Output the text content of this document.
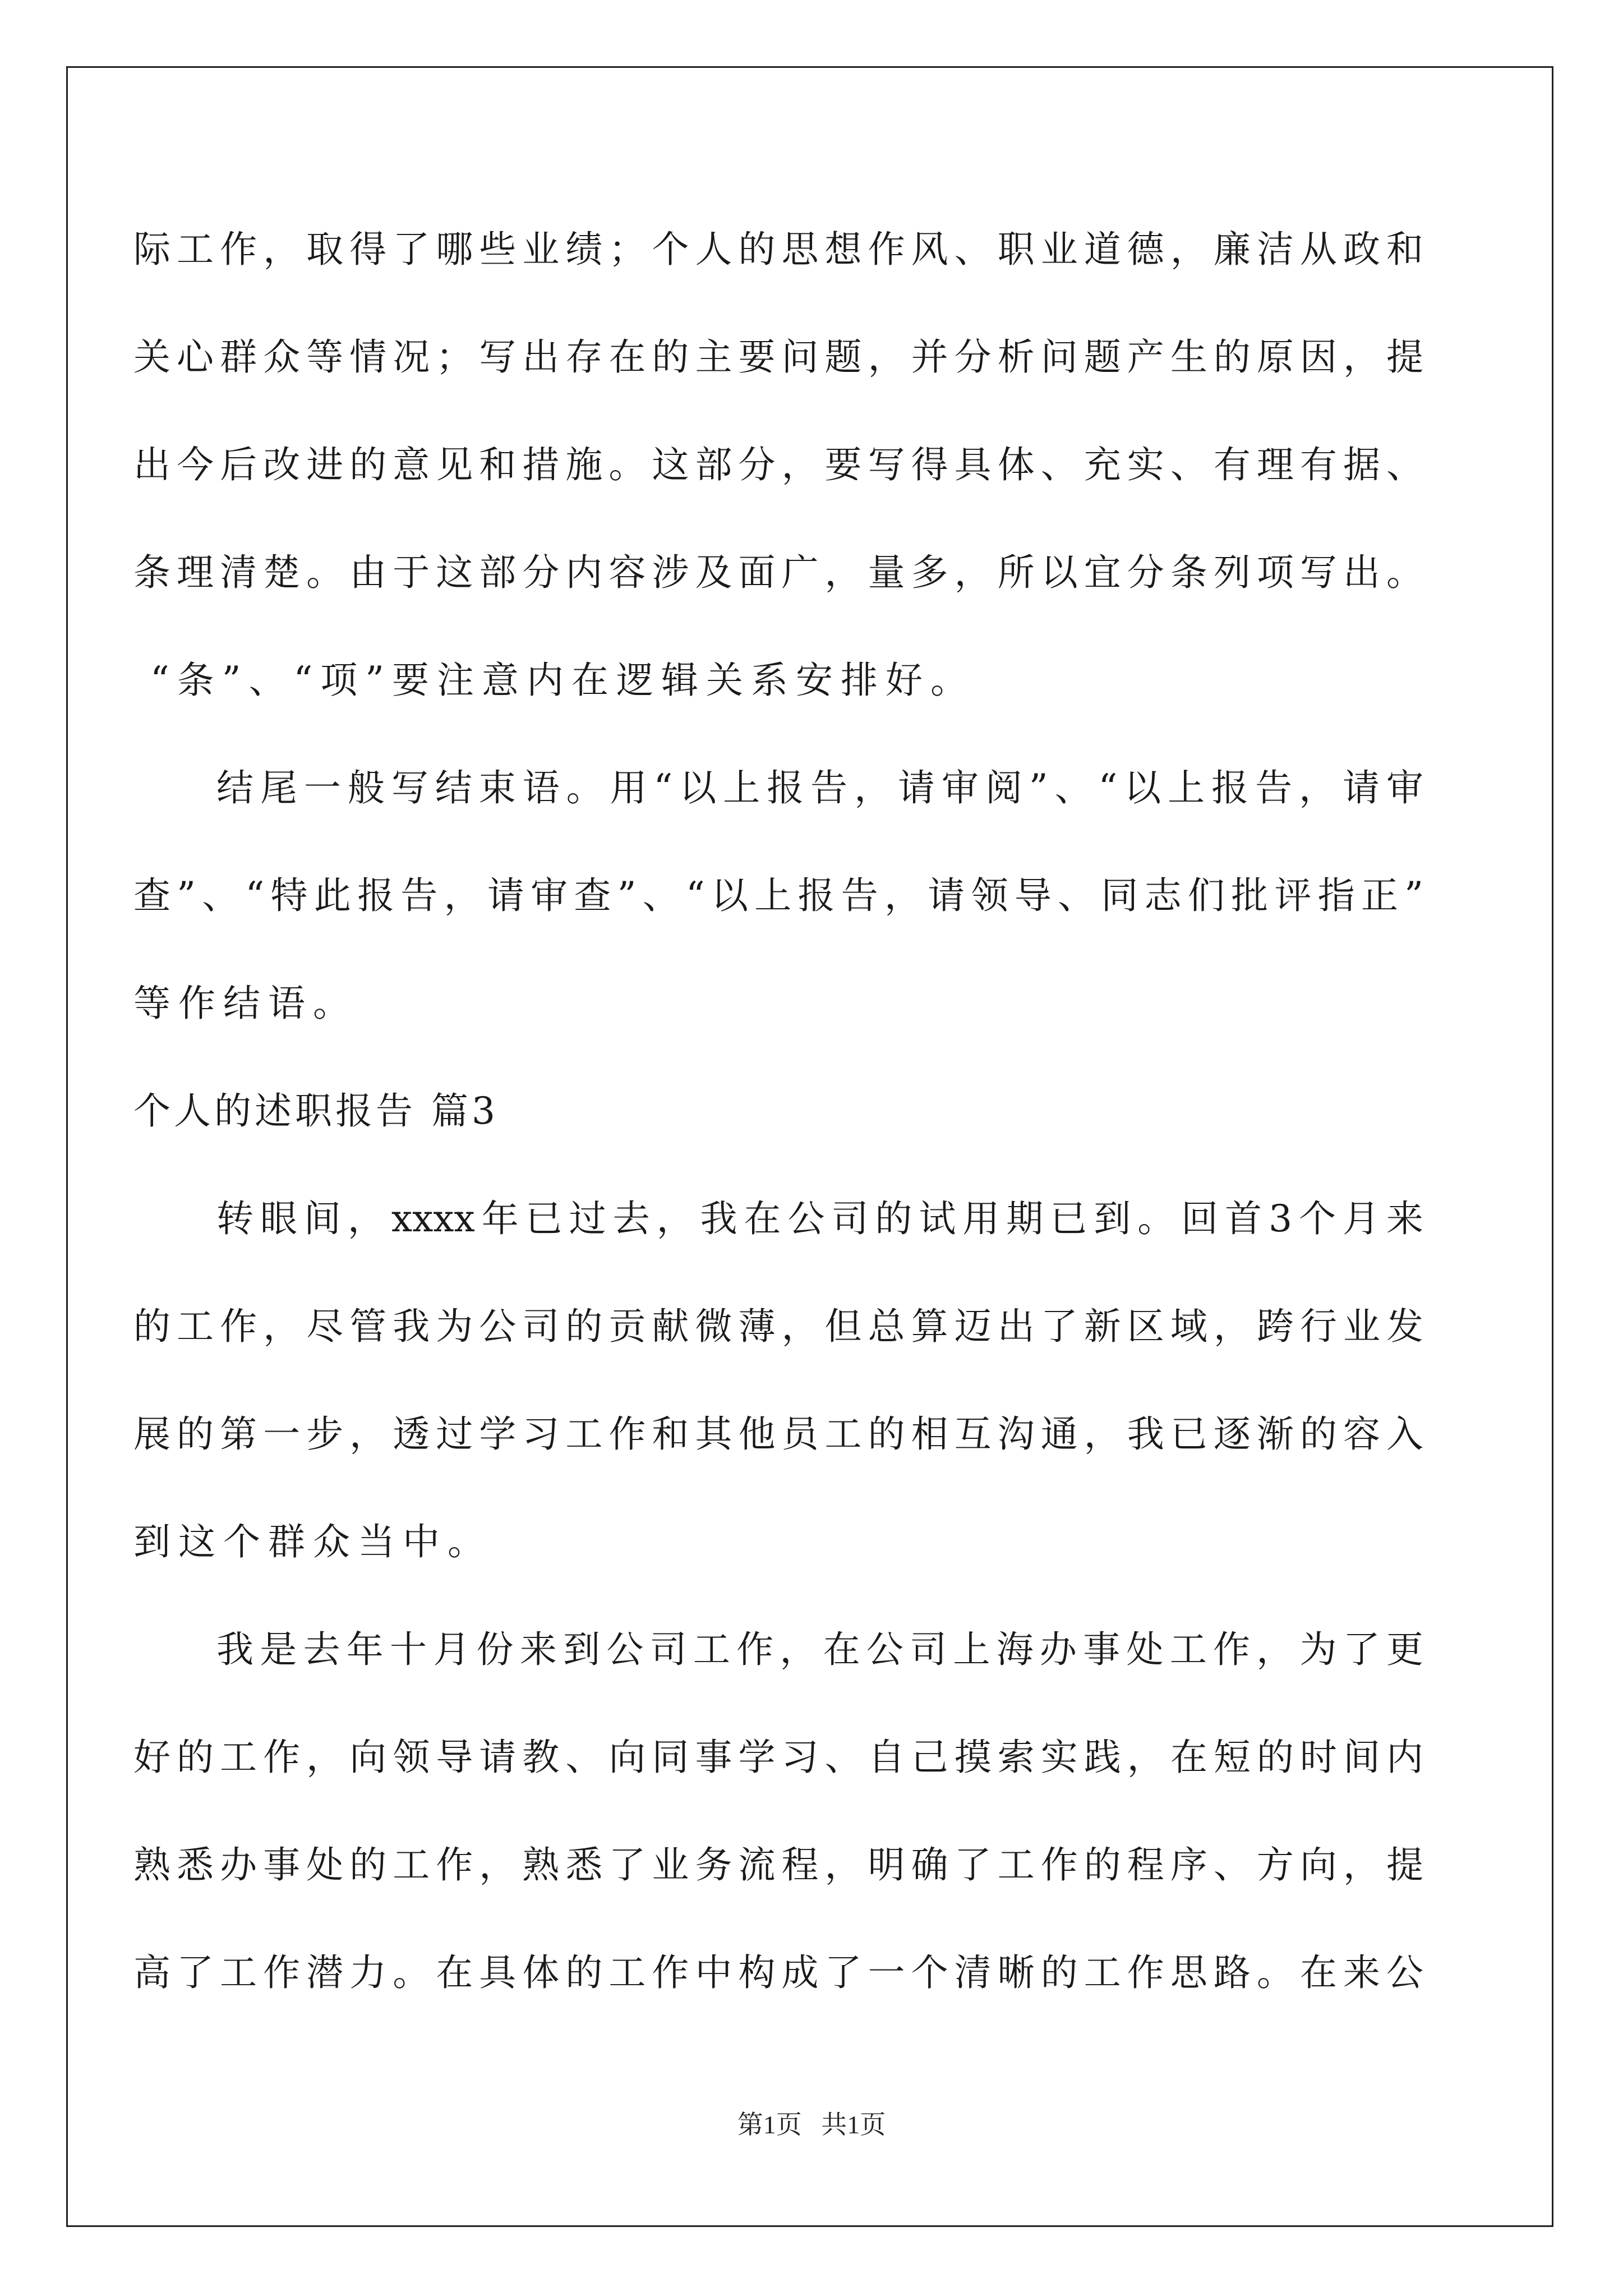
际工作，取得了哪些业绩；个人的思想作风、职业道德，廉洁从政和
关心群众等情况；写出存在的主要问题，并分析问题产生的原因，提
出今后改进的意见和措施。这部分，要写得具体、充实、有理有据、
条理清楚。由于这部分内容涉及面广，量多，所以宜分条列项写出。
“条”、“项”要注意内在逻辑关系安排好。
结尾一般写结束语。用“以上报告，请审阅”、“以上报告，请审
查”、“特此报告，请审查”、“以上报告，请领导、同志们批评指正”
等作结语。
个人的述职报告 篇3
转眼间，xxxx年已过去，我在公司的试用期已到。回首3个月来
的工作，尽管我为公司的贡献微薄，但总算迈出了新区域，跨行业发
展的第一步，透过学习工作和其他员工的相互沟通，我已逐渐的容入
到这个群众当中。
我是去年十月份来到公司工作，在公司上海办事处工作，为了更
好的工作，向领导请教、向同事学习、自己摸索实践，在短的时间内
熟悉办事处的工作，熟悉了业务流程，明确了工作的程序、方向，提
高了工作潜力。在具体的工作中构成了一个清晰的工作思路。在来公
第1页   共1页
